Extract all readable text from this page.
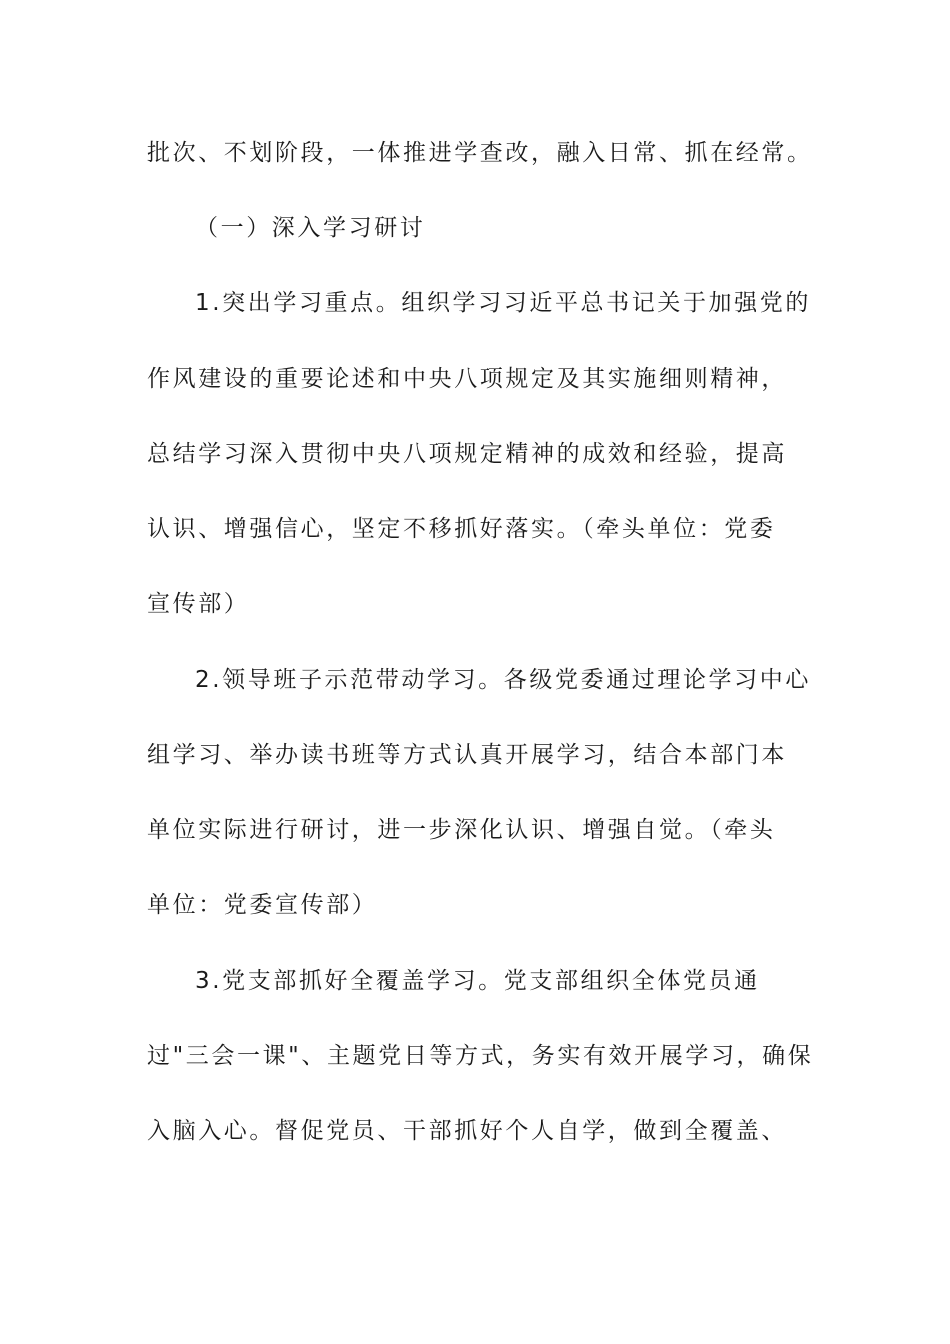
批次、不划阶段，一体推进学查改，融入日常、抓在经常。
（一）深入学习研讨
1.突出学习重点。组织学习习近平总书记关于加强党的
作风建设的重要论述和中央八项规定及其实施细则精神，
总结学习深入贯彻中央八项规定精神的成效和经验，提高
认识、增强信心，坚定不移抓好落实。（牵头单位：党委
宣传部）
2.领导班子示范带动学习。各级党委通过理论学习中心
组学习、举办读书班等方式认真开展学习，结合本部门本
单位实际进行研讨，进一步深化认识、增强自觉。（牵头
单位：党委宣传部）
3.党支部抓好全覆盖学习。党支部组织全体党员通
过"三会一课"、主题党日等方式，务实有效开展学习，确保
入脑入心。督促党员、干部抓好个人自学，做到全覆盖、
